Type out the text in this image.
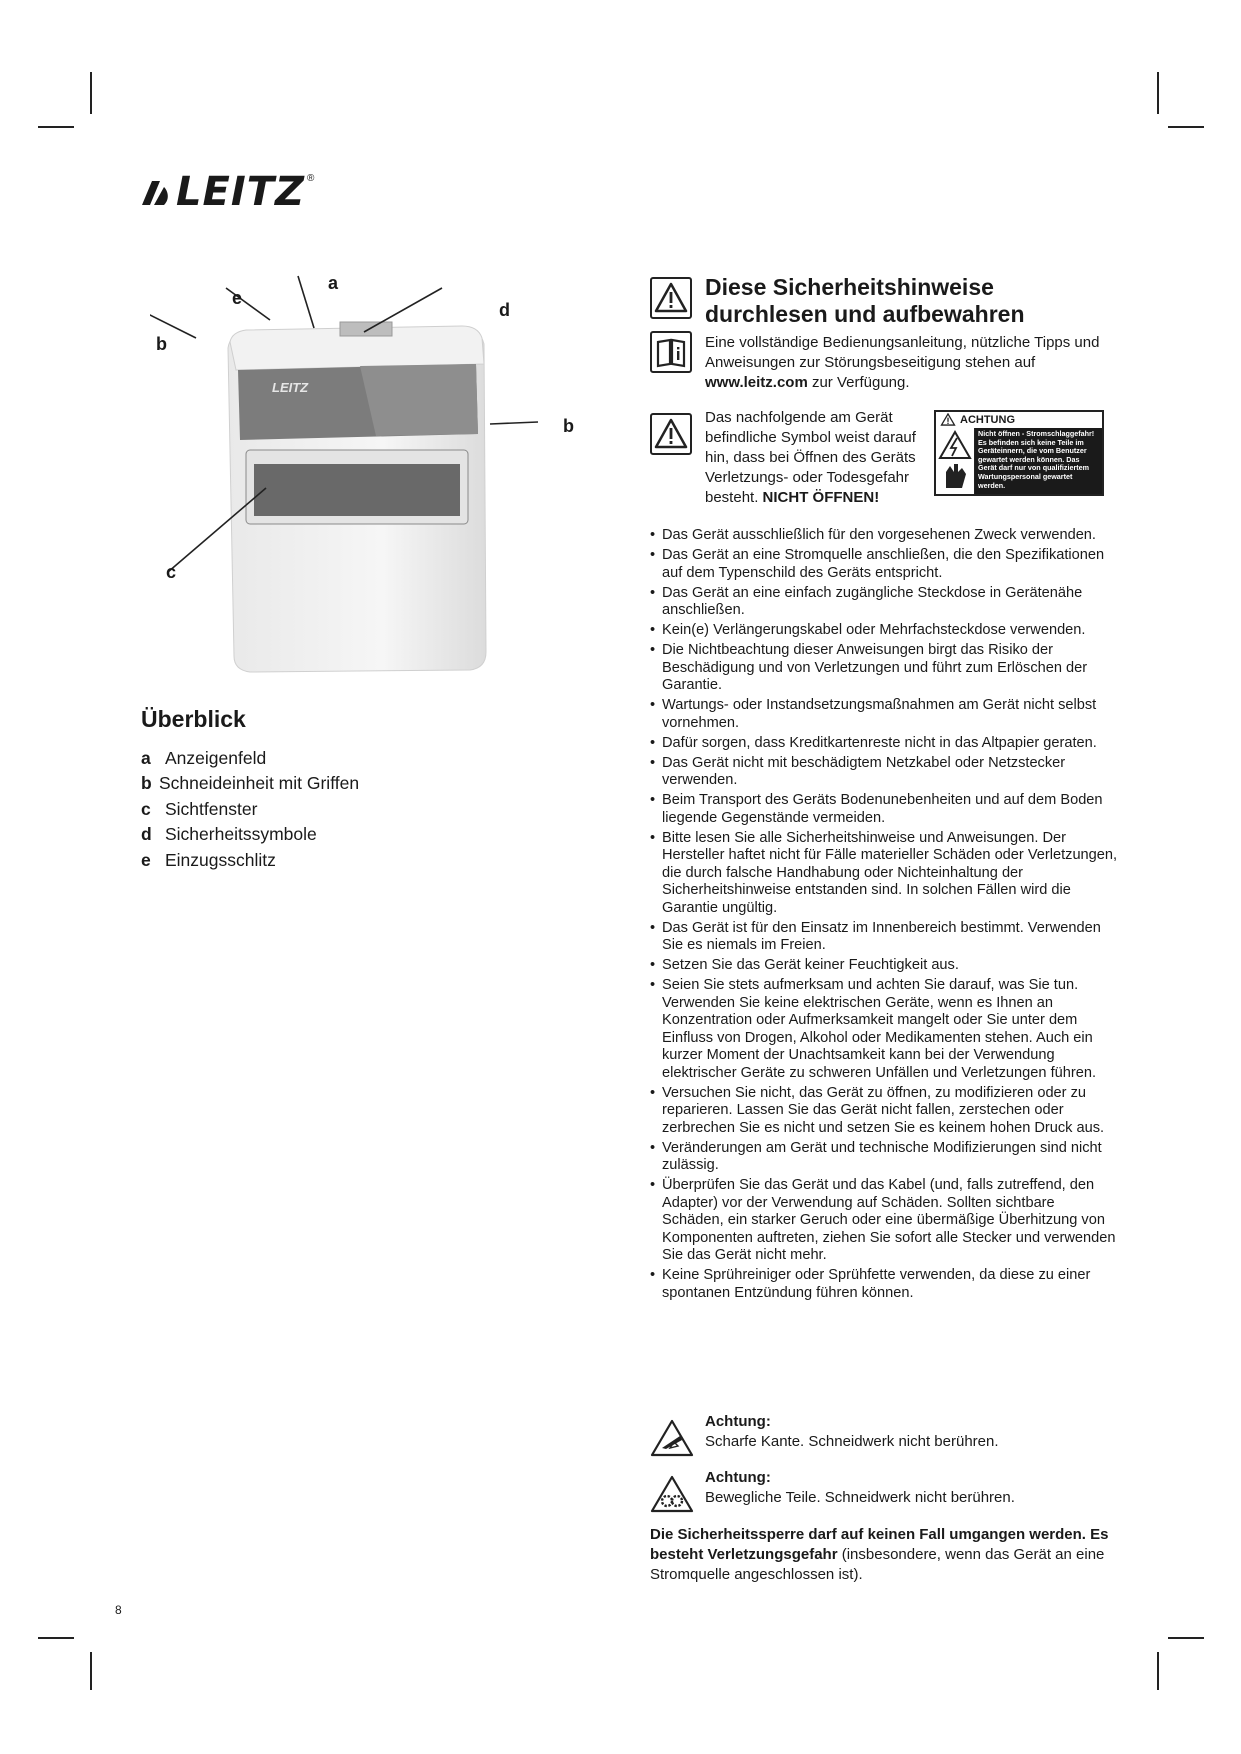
LEITZ ®
LEITZ
a
e
d
b
b
c
Überblick
a Anzeigenfeld
b Schneideinheit mit Griffen
c Sichtfenster
d Sicherheitssymbole
e Einzugsschlitz
8
Diese Sicherheitshinweise
durchlesen und aufbewahren
Eine vollständige Bedienungsanleitung, nützliche Tipps und Anweisungen zur Störungsbeseitigung stehen auf www.leitz.com zur Verfügung.
Das nachfolgende am Gerät befindliche Symbol weist darauf hin, dass bei Öffnen des Geräts Verletzungs- oder Todesgefahr besteht. NICHT ÖFFNEN!
ACHTUNG
Nicht öffnen - Stromschlaggefahr! Es befinden sich keine Teile im Geräteinnern, die vom Benutzer gewartet werden können. Das Gerät darf nur von qualifiziertem Wartungspersonal gewartet werden.
• Das Gerät ausschließlich für den vorgesehenen Zweck verwenden.
• Das Gerät an eine Stromquelle anschließen, die den Spezifikationen auf dem Typenschild des Geräts entspricht.
• Das Gerät an eine einfach zugängliche Steckdose in Gerätenähe anschließen.
• Kein(e) Verlängerungskabel oder Mehrfachsteckdose verwenden.
• Die Nichtbeachtung dieser Anweisungen birgt das Risiko der Beschädigung und von Verletzungen und führt zum Erlöschen der Garantie.
• Wartungs- oder Instandsetzungsmaßnahmen am Gerät nicht selbst vornehmen.
• Dafür sorgen, dass Kreditkartenreste nicht in das Altpapier geraten.
• Das Gerät nicht mit beschädigtem Netzkabel oder Netzstecker verwenden.
• Beim Transport des Geräts Bodenunebenheiten und auf dem Boden liegende Gegenstände vermeiden.
• Bitte lesen Sie alle Sicherheitshinweise und Anweisungen. Der Hersteller haftet nicht für Fälle materieller Schäden oder Verletzungen, die durch falsche Handhabung oder Nichteinhaltung der Sicherheitshinweise entstanden sind. In solchen Fällen wird die Garantie ungültig.
• Das Gerät ist für den Einsatz im Innenbereich bestimmt. Verwenden Sie es niemals im Freien.
• Setzen Sie das Gerät keiner Feuchtigkeit aus.
• Seien Sie stets aufmerksam und achten Sie darauf, was Sie tun. Verwenden Sie keine elektrischen Geräte, wenn es Ihnen an Konzentration oder Aufmerksamkeit mangelt oder Sie unter dem Einfluss von Drogen, Alkohol oder Medikamenten stehen. Auch ein kurzer Moment der Unachtsamkeit kann bei der Verwendung elektrischer Geräte zu schweren Unfällen und Verletzungen führen.
• Versuchen Sie nicht, das Gerät zu öffnen, zu modifizieren oder zu reparieren. Lassen Sie das Gerät nicht fallen, zerstechen oder zerbrechen Sie es nicht und setzen Sie es keinem hohen Druck aus.
• Veränderungen am Gerät und technische Modifizierungen sind nicht zulässig.
• Überprüfen Sie das Gerät und das Kabel (und, falls zutreffend, den Adapter) vor der Verwendung auf Schäden. Sollten sichtbare Schäden, ein starker Geruch oder eine übermäßige Überhitzung von Komponenten auftreten, ziehen Sie sofort alle Stecker und verwenden Sie das Gerät nicht mehr.
• Keine Sprühreiniger oder Sprühfette verwenden, da diese zu einer spontanen Entzündung führen können.
Achtung:
Scharfe Kante. Schneidwerk nicht berühren.
Achtung:
Bewegliche Teile. Schneidwerk nicht berühren.
Die Sicherheitssperre darf auf keinen Fall umgangen werden. Es besteht Verletzungsgefahr (insbesondere, wenn das Gerät an eine Stromquelle angeschlossen ist).
